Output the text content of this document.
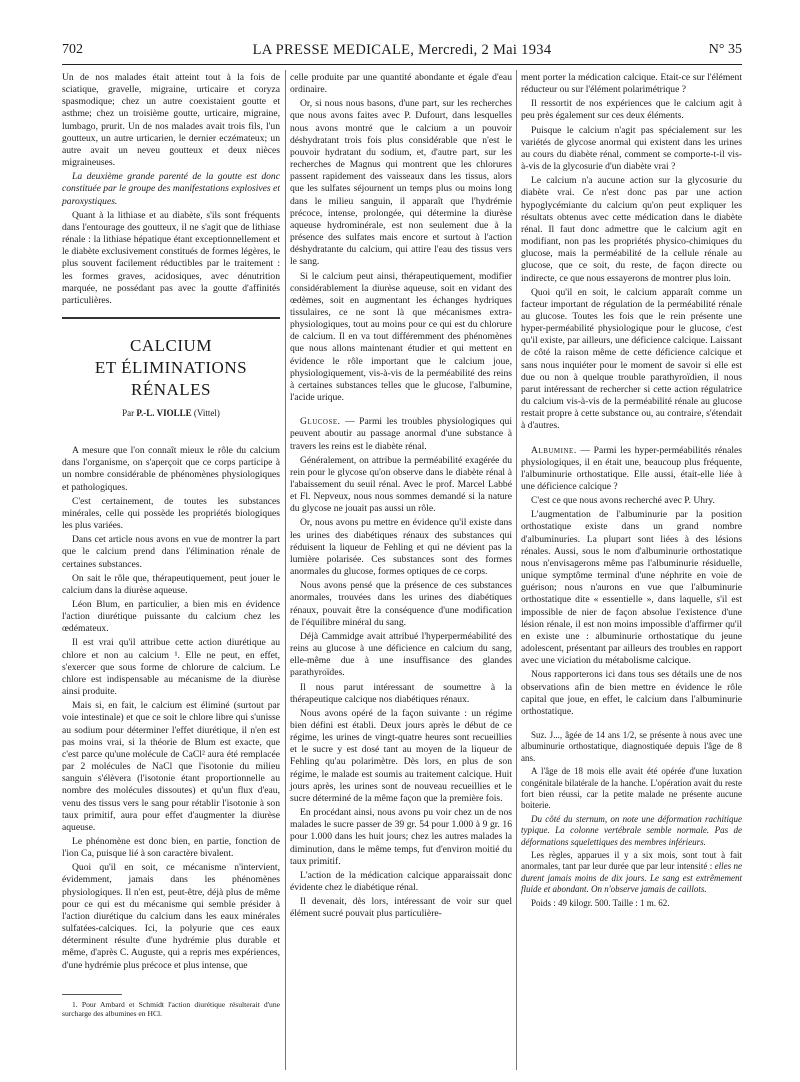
702	LA PRESSE MEDICALE, Mercredi, 2 Mai 1934	N° 35

Un de nos malades était atteint tout à la fois de sciatique, gravelle, migraine, urticaire et coryza spasmodique; chez un autre coexistaient goutte et asthme; chez un troisième goutte, urticaire, migraine, lumbago, prurit. Un de nos malades avait trois fils, l'un goutteux, un autre urticarien, le dernier eczémateux; un autre avait un neveu goutteux et deux nièces migraineuses.

La deuxième grande parenté de la goutte est donc constituée par le groupe des manifestations explosives et paroxystiques.

Quant à la lithiase et au diabète, s'ils sont fréquents dans l'entourage des goutteux, il ne s'agit que de lithiase rénale : la lithiase hépatique étant exceptionnellement et le diabète exclusivement constitués de formes légères, le plus souvent facilement réductibles par le traitement : les formes graves, acidosiques, avec dénutrition marquée, ne possédant pas avec la goutte d'affinités particulières.

CALCIUM
ET ÉLIMINATIONS RÉNALES
Par P.-L. VIOLLE (Vittel)

A mesure que l'on connaît mieux le rôle du calcium dans l'organisme, on s'aperçoit que ce corps participe à un nombre considérable de phénomènes physiologiques et pathologiques.

C'est certainement, de toutes les substances minérales, celle qui possède les propriétés biologiques les plus variées.

Dans cet article nous avons en vue de montrer la part que le calcium prend dans l'élimination rénale de certaines substances.

On sait le rôle que, thérapeutiquement, peut jouer le calcium dans la diurèse aqueuse.

Léon Blum, en particulier, a bien mis en évidence l'action diurétique puissante du calcium chez les œdémateux.

Il est vrai qu'il attribue cette action diurétique au chlore et non au calcium ¹. Elle ne peut, en effet, s'exercer que sous forme de chlorure de calcium. Le chlore est indispensable au mécanisme de la diurèse ainsi produite.

Mais si, en fait, le calcium est éliminé (surtout par voie intestinale) et que ce soit le chlore libre qui s'unisse au sodium pour déterminer l'effet diurétique, il n'en est pas moins vrai, si la théorie de Blum est exacte, que c'est parce qu'une molécule de CaCl² aura été remplacée par 2 molécules de NaCl que l'isotonie du milieu sanguin s'élèvera (l'isotonie étant proportionnelle au nombre des molécules dissoutes) et qu'un flux d'eau, venu des tissus vers le sang pour rétablir l'isotonie à son taux primitif, aura pour effet d'augmenter la diurèse aqueuse.

Le phénomène est donc bien, en partie, fonction de l'ion Ca, puisque lié à son caractère bivalent.

Quoi qu'il en soit, ce mécanisme n'intervient, évidemment, jamais dans les phénomènes physiologiques. Il n'en est, peut-être, déjà plus de même pour ce qui est du mécanisme qui semble présider à l'action diurétique du calcium dans les eaux minérales sulfatées-calciques. Ici, la polyurie que ces eaux déterminent résulte d'une hydrémie plus durable et même, d'après C. Auguste, qui a repris mes expériences, d'une hydrémie plus précoce et plus intense, que

1. Pour Ambard et Schmidt l'action diurétique résulterait d'une surcharge des albumines en HCl.

celle produite par une quantité abondante et égale d'eau ordinaire.

Or, si nous nous basons, d'une part, sur les recherches que nous avons faites avec P. Dufourt, dans lesquelles nous avons montré que le calcium a un pouvoir déshydratant trois fois plus considérable que n'est le pouvoir hydratant du sodium, et, d'autre part, sur les recherches de Magnus qui montrent que les chlorures passent rapidement des vaisseaux dans les tissus, alors que les sulfates séjournent un temps plus ou moins long dans le milieu sanguin, il apparaît que l'hydrémie précoce, intense, prolongée, qui détermine la diurèse aqueuse hydrominérale, est non seulement due à la présence des sulfates mais encore et surtout à l'action déshydratante du calcium, qui attire l'eau des tissus vers le sang.

Si le calcium peut ainsi, thérapeutiquement, modifier considérablement la diurèse aqueuse, soit en vidant des œdèmes, soit en augmentant les échanges hydriques tissulaires, ce ne sont là que mécanismes extra-physiologiques, tout au moins pour ce qui est du chlorure de calcium. Il en va tout différemment des phénomènes que nous allons maintenant étudier et qui mettent en évidence le rôle important que le calcium joue, physiologiquement, vis-à-vis de la perméabilité des reins à certaines substances telles que le glucose, l'albumine, l'acide urique.

Glucose. — Parmi les troubles physiologiques qui peuvent aboutir au passage anormal d'une substance à travers les reins est le diabète rénal.

Généralement, on attribue la perméabilité exagérée du rein pour le glycose qu'on observe dans le diabète rénal à l'abaissement du seuil rénal. Avec le prof. Marcel Labbé et Fl. Nepveux, nous nous sommes demandé si la nature du glycose ne jouait pas aussi un rôle.

Or, nous avons pu mettre en évidence qu'il existe dans les urines des diabétiques rénaux des substances qui réduisent la liqueur de Fehling et qui ne dévient pas la lumière polarisée. Ces substances sont des formes anormales du glucose, formes optiques de ce corps.

Nous avons pensé que la présence de ces substances anormales, trouvées dans les urines des diabétiques rénaux, pouvait être la conséquence d'une modification de l'équilibre minéral du sang.

Déjà Cammidge avait attribué l'hyperperméabilité des reins au glucose à une déficience en calcium du sang, elle-même due à une insuffisance des glandes parathyroïdes.

Il nous parut intéressant de soumettre à la thérapeutique calcique nos diabétiques rénaux.

Nous avons opéré de la façon suivante : un régime bien défini est établi. Deux jours après le début de ce régime, les urines de vingt-quatre heures sont recueillies et le sucre y est dosé tant au moyen de la liqueur de Fehling qu'au polarimètre. Dès lors, en plus de son régime, le malade est soumis au traitement calcique. Huit jours après, les urines sont de nouveau recueillies et le sucre déterminé de la même façon que la première fois.

En procédant ainsi, nous avons pu voir chez un de nos malades le sucre passer de 39 gr. 54 pour 1.000 à 9 gr. 16 pour 1.000 dans les huit jours; chez les autres malades la diminution, dans le même temps, fut d'environ moitié du taux primitif.

L'action de la médication calcique apparaissait donc évidente chez le diabétique rénal.

Il devenait, dès lors, intéressant de voir sur quel élément sucré pouvait plus particulière-

ment porter la médication calcique. Etait-ce sur l'élément réducteur ou sur l'élément polarimétrique ?

Il ressortit de nos expériences que le calcium agit à peu près également sur ces deux éléments.

Puisque le calcium n'agit pas spécialement sur les variétés de glycose anormal qui existent dans les urines au cours du diabète rénal, comment se comporte-t-il vis-à-vis de la glycosurie d'un diabète vrai ?

Le calcium n'a aucune action sur la glycosurie du diabète vrai. Ce n'est donc pas par une action hypoglycémiante du calcium qu'on peut expliquer les résultats obtenus avec cette médication dans le diabète rénal. Il faut donc admettre que le calcium agit en modifiant, non pas les propriétés physico-chimiques du glucose, mais la perméabilité de la cellule rénale au glucose, que ce soit, du reste, de façon directe ou indirecte, ce que nous essayerons de montrer plus loin.

Quoi qu'il en soit, le calcium apparaît comme un facteur important de régulation de la perméabilité rénale au glucose. Toutes les fois que le rein présente une hyper-perméabilité physiologique pour le glucose, c'est qu'il existe, par ailleurs, une déficience calcique. Laissant de côté la raison même de cette déficience calcique et sans nous inquiéter pour le moment de savoir si elle est due ou non à quelque trouble parathyroïdien, il nous parut intéressant de rechercher si cette action régulatrice du calcium vis-à-vis de la perméabilité rénale au glucose restait propre à cette substance ou, au contraire, s'étendait à d'autres.

Albumine. — Parmi les hyper-perméabilités rénales physiologiques, il en était une, beaucoup plus fréquente, l'albuminurie orthostatique. Elle aussi, était-elle liée à une déficience calcique ?

C'est ce que nous avons recherché avec P. Uhry.

L'augmentation de l'albuminurie par la position orthostatique existe dans un grand nombre d'albuminuries. La plupart sont liées à des lésions rénales. Aussi, sous le nom d'albuminurie orthostatique nous n'envisagerons même pas l'albuminurie résiduelle, unique symptôme terminal d'une néphrite en voie de guérison; nous n'aurons en vue que l'albuminurie orthostatique dite « essentielle », dans laquelle, s'il est impossible de nier de façon absolue l'existence d'une lésion rénale, il est non moins impossible d'affirmer qu'il en existe une : albuminurie orthostatique du jeune adolescent, présentant par ailleurs des troubles en rapport avec une viciation du métabolisme calcique.

Nous rapporterons ici dans tous ses détails une de nos observations afin de bien mettre en évidence le rôle capital que joue, en effet, le calcium dans l'albuminurie orthostatique.

Suz. J..., âgée de 14 ans 1/2, se présente à nous avec une albuminurie orthostatique, diagnostiquée depuis l'âge de 8 ans.

A l'âge de 18 mois elle avait été opérée d'une luxation congénitale bilatérale de la hanche. L'opération avait du reste fort bien réussi, car la petite malade ne présente aucune boiterie.

Du côté du sternum, on note une déformation rachitique typique. La colonne vertébrale semble normale. Pas de déformations squelettiques des membres inférieurs.

Les règles, apparues il y a six mois, sont tout à fait anormales, tant par leur durée que par leur intensité : elles ne durent jamais moins de dix jours. Le sang est extrêmement fluide et abondant. On n'observe jamais de caillots.

Poids : 49 kilogr. 500. Taille : 1 m. 62.
